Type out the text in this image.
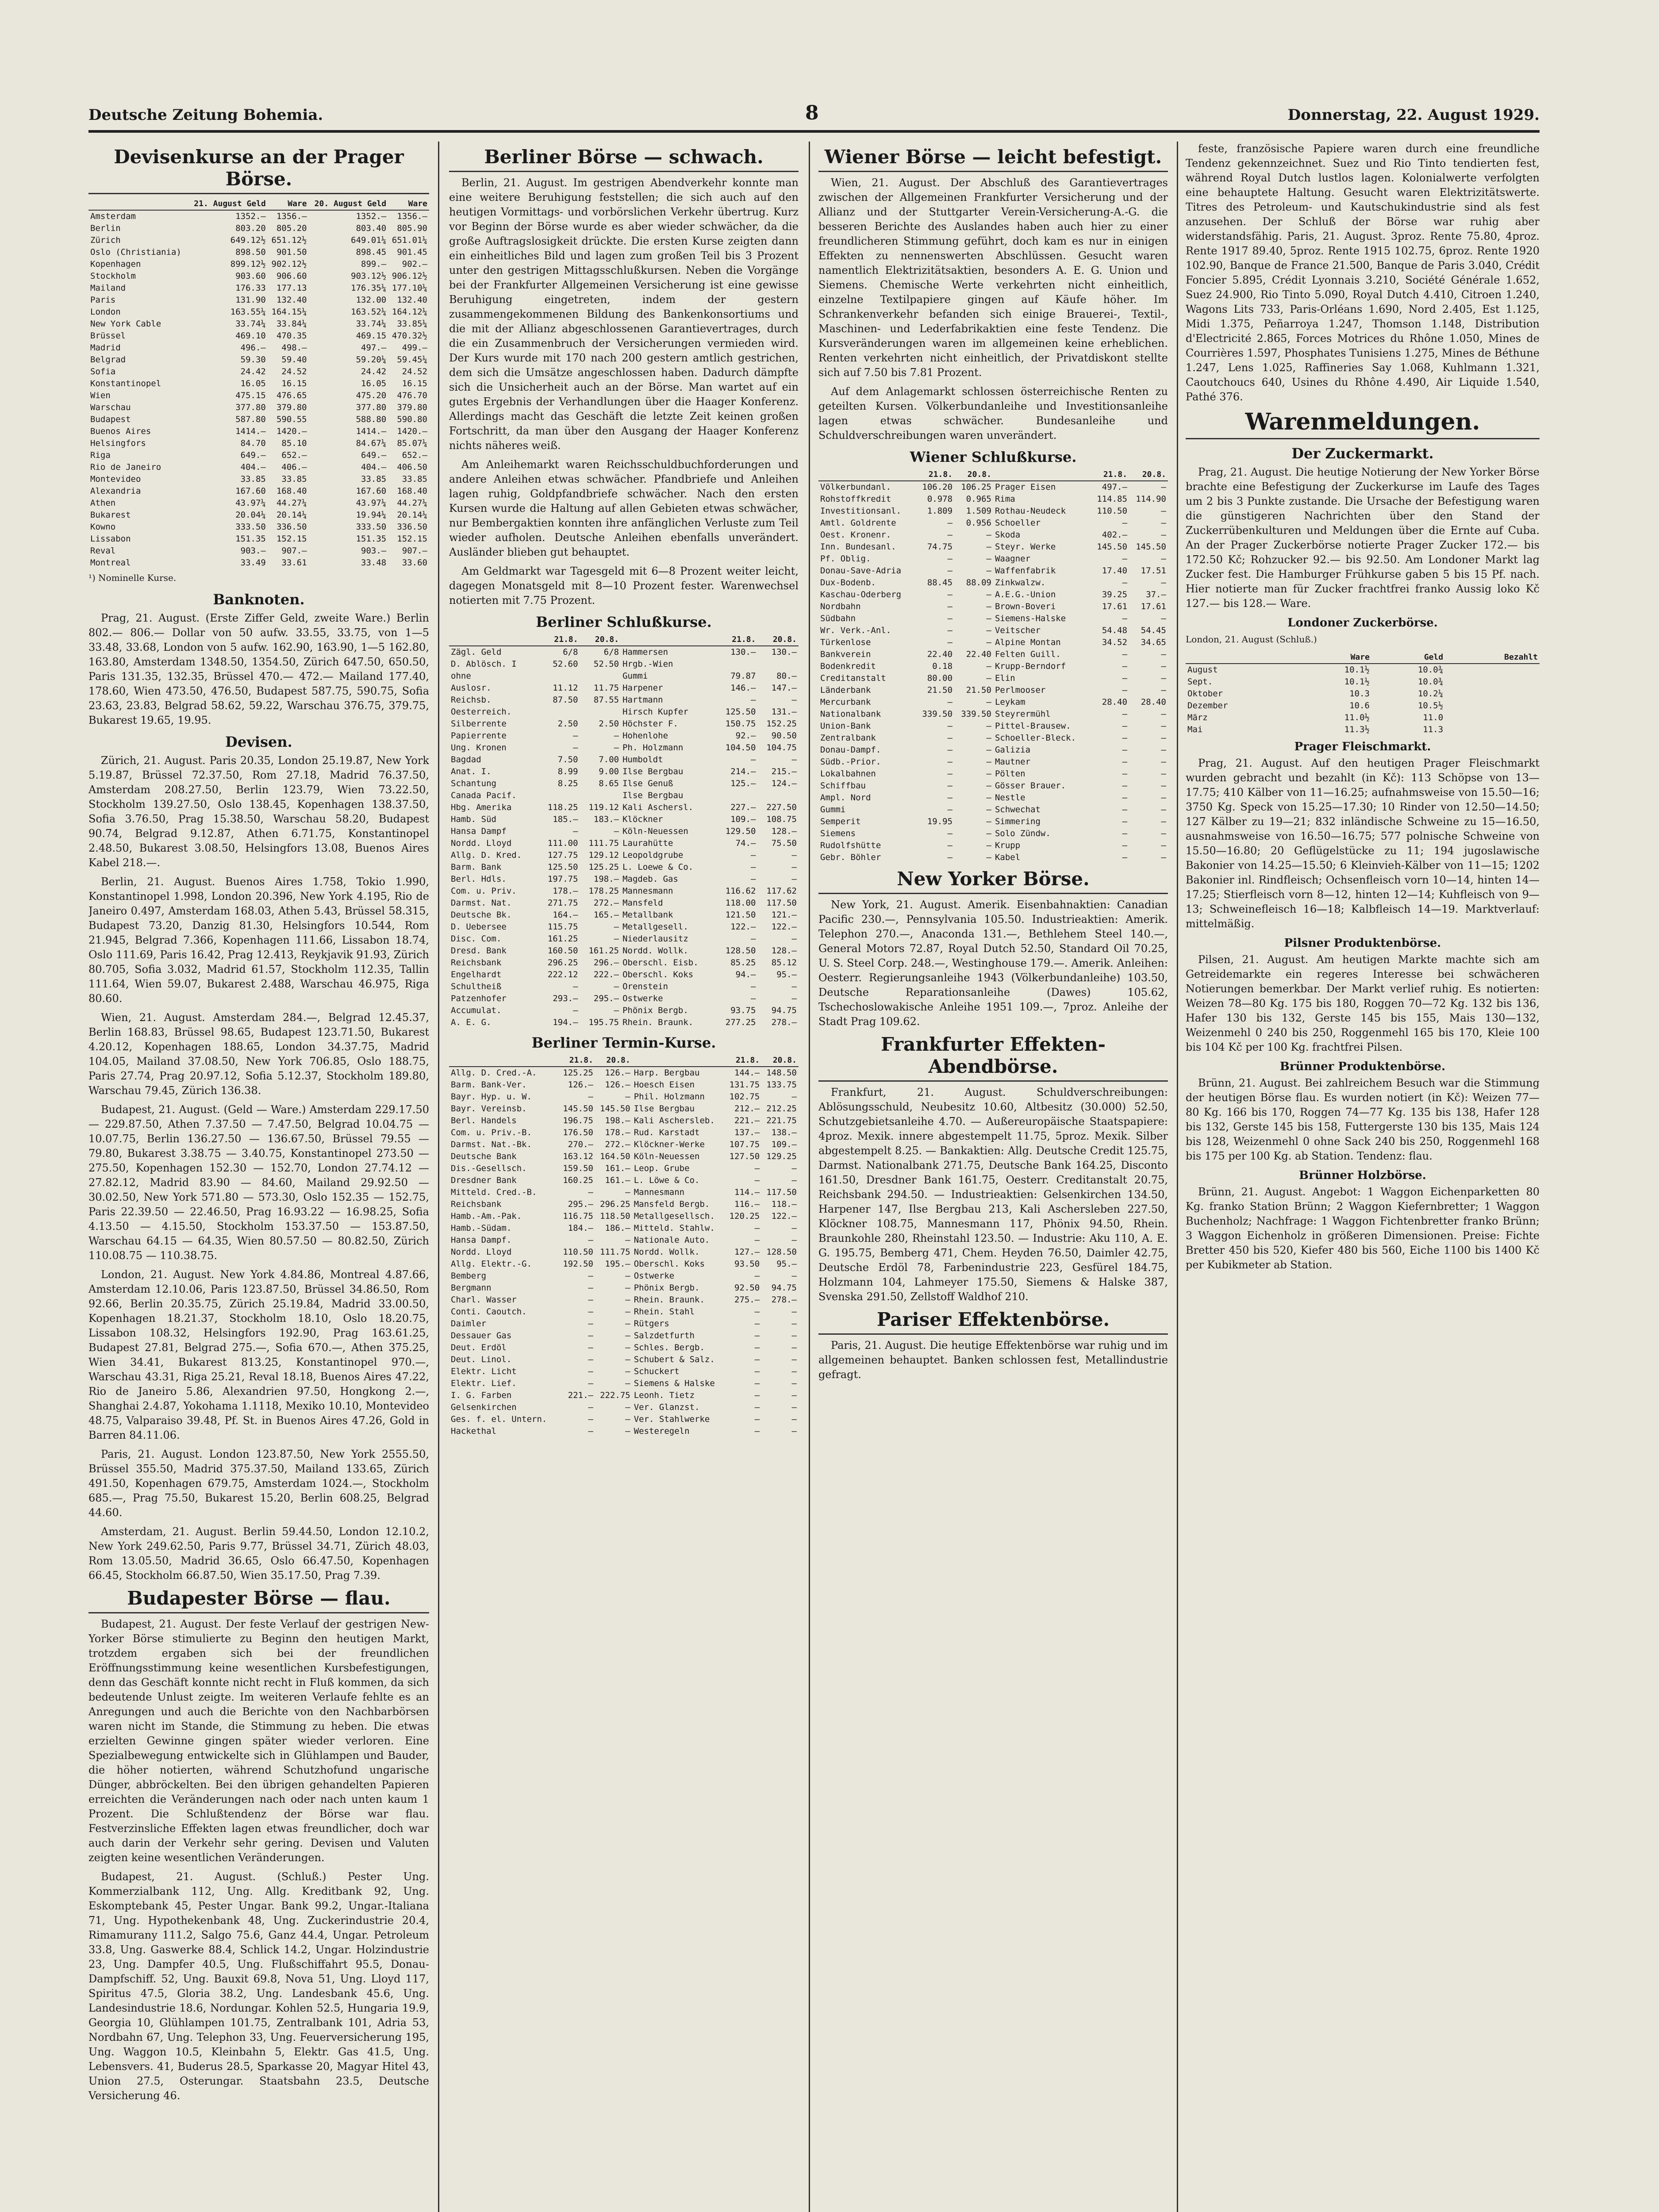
Deutsche Zeitung Bohemia.	8	Donnerstag, 22. August 1929.
Devisenkurse an der Prager Börse.
	21. August Geld	Ware	20. August Geld	Ware
Amsterdam	1352.—	1356.—	1352.—	1356.—
Berlin	803.20	805.20	803.40	805.90
Zürich	649.12½	651.12½	649.01¼	651.01¼
Oslo (Christiania)	898.50	901.50	898.45	901.45
Kopenhagen	899.12½	902.12½	899.—	902.—
Stockholm	903.60	906.60	903.12½	906.12½
Mailand	176.33	177.13	176.35¼	177.10¼
Paris	131.90	132.40	132.00	132.40
London	163.55¼	164.15¼	163.52¼	164.12¼
New York Cable	33.74¼	33.84¼	33.74¼	33.85¼
Brüssel	469.10	470.35	469.15	470.32½
Madrid	496.—	498.—	497.—	499.—
Belgrad	59.30	59.40	59.20¼	59.45¼
Sofia	24.42	24.52	24.42	24.52
Konstantinopel	16.05	16.15	16.05	16.15
Wien	475.15	476.65	475.20	476.70
Warschau	377.80	379.80	377.80	379.80
Budapest	587.80	590.55	588.80	590.80
Buenos Aires	1414.—	1420.—	1414.—	1420.—
Helsingfors	84.70	85.10	84.67¼	85.07¼
Riga	649.—	652.—	649.—	652.—
Rio de Janeiro	404.—	406.—	404.—	406.50
Montevideo	33.85	33.85	33.85	33.85
Alexandria	167.60	168.40	167.60	168.40
Athen	43.97¼	44.27¼	43.97¼	44.27¼
Bukarest	20.04¼	20.14¼	19.94¼	20.14¼
Kowno	333.50	336.50	333.50	336.50
Lissabon	151.35	152.15	151.35	152.15
Reval	903.—	907.—	903.—	907.—
Montreal	33.49	33.61	33.48	33.60
¹) Nominelle Kurse.
Banknoten.

Prag, 21. August. (Erste Ziffer Geld, zweite Ware.) Berlin 802.— 806.— Dollar von 50 aufw. 33.55, 33.75, von 1—5 33.48, 33.68, London von 5 aufw. 162.90, 163.90, 1—5 162.80, 163.80, Amsterdam 1348.50, 1354.50, Zürich 647.50, 650.50, Paris 131.35, 132.35, Brüssel 470.— 472.— Mailand 177.40, 178.60, Wien 473.50, 476.50, Budapest 587.75, 590.75, Sofia 23.63, 23.83, Belgrad 58.62, 59.22, Warschau 376.75, 379.75, Bukarest 19.65, 19.95.

Devisen.

Zürich, 21. August. Paris 20.35, London 25.19.87, New York 5.19.87, Brüssel 72.37.50, Rom 27.18, Madrid 76.37.50, Amsterdam 208.27.50, Berlin 123.79, Wien 73.22.50, Stockholm 139.27.50, Oslo 138.45, Kopenhagen 138.37.50, Sofia 3.76.50, Prag 15.38.50, Warschau 58.20, Budapest 90.74, Belgrad 9.12.87, Athen 6.71.75, Konstantinopel 2.48.50, Bukarest 3.08.50, Helsingfors 13.08, Buenos Aires Kabel 218.—.

Berlin, 21. August. Buenos Aires 1.758, Tokio 1.990, Konstantinopel 1.998, London 20.396, New York 4.195, Rio de Janeiro 0.497, Amsterdam 168.03, Athen 5.43, Brüssel 58.315, Budapest 73.20, Danzig 81.30, Helsingfors 10.544, Rom 21.945, Belgrad 7.366, Kopenhagen 111.66, Lissabon 18.74, Oslo 111.69, Paris 16.42, Prag 12.413, Reykjavik 91.93, Zürich 80.705, Sofia 3.032, Madrid 61.57, Stockholm 112.35, Tallin 111.64, Wien 59.07, Bukarest 2.488, Warschau 46.975, Riga 80.60.

Wien, 21. August. Amsterdam 284.—, Belgrad 12.45.37, Berlin 168.83, Brüssel 98.65, Budapest 123.71.50, Bukarest 4.20.12, Kopenhagen 188.65, London 34.37.75, Madrid 104.05, Mailand 37.08.50, New York 706.85, Oslo 188.75, Paris 27.74, Prag 20.97.12, Sofia 5.12.37, Stockholm 189.80, Warschau 79.45, Zürich 136.38.

Budapest, 21. August. (Geld — Ware.) Amsterdam 229.17.50 — 229.87.50, Athen 7.37.50 — 7.47.50, Belgrad 10.04.75 — 10.07.75, Berlin 136.27.50 — 136.67.50, Brüssel 79.55 — 79.80, Bukarest 3.38.75 — 3.40.75, Konstantinopel 273.50 — 275.50, Kopenhagen 152.30 — 152.70, London 27.74.12 — 27.82.12, Madrid 83.90 — 84.60, Mailand 29.92.50 — 30.02.50, New York 571.80 — 573.30, Oslo 152.35 — 152.75, Paris 22.39.50 — 22.46.50, Prag 16.93.22 — 16.98.25, Sofia 4.13.50 — 4.15.50, Stockholm 153.37.50 — 153.87.50, Warschau 64.15 — 64.35, Wien 80.57.50 — 80.82.50, Zürich 110.08.75 — 110.38.75.

London, 21. August. New York 4.84.86, Montreal 4.87.66, Amsterdam 12.10.06, Paris 123.87.50, Brüssel 34.86.50, Rom 92.66, Berlin 20.35.75, Zürich 25.19.84, Madrid 33.00.50, Kopenhagen 18.21.37, Stockholm 18.10, Oslo 18.20.75, Lissabon 108.32, Helsingfors 192.90, Prag 163.61.25, Budapest 27.81, Belgrad 275.—, Sofia 670.—, Athen 375.25, Wien 34.41, Bukarest 813.25, Konstantinopel 970.—, Warschau 43.31, Riga 25.21, Reval 18.18, Buenos Aires 47.22, Rio de Janeiro 5.86, Alexandrien 97.50, Hongkong 2.—, Shanghai 2.4.87, Yokohama 1.1118, Mexiko 10.10, Montevideo 48.75, Valparaiso 39.48, Pf. St. in Buenos Aires 47.26, Gold in Barren 84.11.06.

Paris, 21. August. London 123.87.50, New York 2555.50, Brüssel 355.50, Madrid 375.37.50, Mailand 133.65, Zürich 491.50, Kopenhagen 679.75, Amsterdam 1024.—, Stockholm 685.—, Prag 75.50, Bukarest 15.20, Berlin 608.25, Belgrad 44.60.

Amsterdam, 21. August. Berlin 59.44.50, London 12.10.2, New York 249.62.50, Paris 9.77, Brüssel 34.71, Zürich 48.03, Rom 13.05.50, Madrid 36.65, Oslo 66.47.50, Kopenhagen 66.45, Stockholm 66.87.50, Wien 35.17.50, Prag 7.39.

Budapester Börse — flau.

Budapest, 21. August. Der feste Verlauf der gestrigen New-Yorker Börse stimulierte zu Beginn den heutigen Markt, trotzdem ergaben sich bei der freundlichen Eröffnungsstimmung keine wesentlichen Kursbefestigungen, denn das Geschäft konnte nicht recht in Fluß kommen, da sich bedeutende Unlust zeigte. Im weiteren Verlaufe fehlte es an Anregungen und auch die Berichte von den Nachbarbörsen waren nicht im Stande, die Stimmung zu heben. Die etwas erzielten Gewinne gingen später wieder verloren. Eine Spezialbewegung entwickelte sich in Glühlampen und Bauder, die höher notierten, während Schutzhofund ungarische Dünger, abbröckelten. Bei den übrigen gehandelten Papieren erreichten die Veränderungen nach oder nach unten kaum 1 Prozent. Die Schlußtendenz der Börse war flau. Festverzinsliche Effekten lagen etwas freundlicher, doch war auch darin der Verkehr sehr gering. Devisen und Valuten zeigten keine wesentlichen Veränderungen.

Budapest, 21. August. (Schluß.) Pester Ung. Kommerzialbank 112, Ung. Allg. Kreditbank 92, Ung. Eskomptebank 45, Pester Ungar. Bank 99.2, Ungar.-Italiana 71, Ung. Hypothekenbank 48, Ung. Zuckerindustrie 20.4, Rimamurany 111.2, Salgo 75.6, Ganz 44.4, Ungar. Petroleum 33.8, Ung. Gaswerke 88.4, Schlick 14.2, Ungar. Holzindustrie 23, Ung. Dampfer 40.5, Ung. Flußschiffahrt 95.5, Donau-Dampfschiff. 52, Ung. Bauxit 69.8, Nova 51, Ung. Lloyd 117, Spiritus 47.5, Gloria 38.2, Ung. Landesbank 45.6, Ung. Landesindustrie 18.6, Nordungar. Kohlen 52.5, Hungaria 19.9, Georgia 10, Glühlampen 101.75, Zentralbank 101, Adria 53, Nordbahn 67, Ung. Telephon 33, Ung. Feuerversicherung 195, Ung. Waggon 10.5, Kleinbahn 5, Elektr. Gas 41.5, Ung. Lebensvers. 41, Buderus 28.5, Sparkasse 20, Magyar Hitel 43, Union 27.5, Osterungar. Staatsbahn 23.5, Deutsche Versicherung 46.

Berliner Börse — schwach.

Berlin, 21. August. Im gestrigen Abendverkehr konnte man eine weitere Beruhigung feststellen; die sich auch auf den heutigen Vormittags- und vorbörslichen Verkehr übertrug. Kurz vor Beginn der Börse wurde es aber wieder schwächer, da die große Auftragslosigkeit drückte. Die ersten Kurse zeigten dann ein einheitliches Bild und lagen zum großen Teil bis 3 Prozent unter den gestrigen Mittagsschlußkursen. Neben die Vorgänge bei der Frankfurter Allgemeinen Versicherung ist eine gewisse Beruhigung eingetreten, indem der gestern zusammengekommenen Bildung des Bankenkonsortiums und die mit der Allianz abgeschlossenen Garantievertrages, durch die ein Zusammenbruch der Versicherungen vermieden wird. Der Kurs wurde mit 170 nach 200 gestern amtlich gestrichen, dem sich die Umsätze angeschlossen haben. Dadurch dämpfte sich die Unsicherheit auch an der Börse. Man wartet auf ein gutes Ergebnis der Verhandlungen über die Haager Konferenz. Allerdings macht das Geschäft die letzte Zeit keinen großen Fortschritt, da man über den Ausgang der Haager Konferenz nichts näheres weiß.

Am Anleihemarkt waren Reichsschuldbuchforderungen und andere Anleihen etwas schwächer. Pfandbriefe und Anleihen lagen ruhig, Goldpfandbriefe schwächer. Nach den ersten Kursen wurde die Haltung auf allen Gebieten etwas schwächer, nur Bembergaktien konnten ihre anfänglichen Verluste zum Teil wieder aufholen. Deutsche Anleihen ebenfalls unverändert. Ausländer blieben gut behauptet.

Am Geldmarkt war Tagesgeld mit 6—8 Prozent weiter leicht, dagegen Monatsgeld mit 8—10 Prozent fester. Warenwechsel notierten mit 7.75 Prozent.

Berliner Schlußkurse.
	21.8.	20.8.		21.8.	20.8.
Zägl. Geld	6/8	6/8	Hammersen	130.—	130.—
D. Ablösch. I	52.60	52.50	Hrgb.-Wien		
ohne			Gummi	79.87	80.—
Auslosr.	11.12	11.75	Harpener	146.—	147.—
Reichsb.	87.50	87.55	Hartmann	—	—
Oesterreich.			Hirsch Kupfer	125.50	131.—
Silberrente	2.50	2.50	Höchster F.	150.75	152.25
Papierrente	—	—	Hohenlohe	92.—	90.50
Ung. Kronen	—	—	Ph. Holzmann	104.50	104.75
Bagdad	7.50	7.00	Humboldt	—	—
Anat. I.	8.99	9.00	Ilse Bergbau	214.—	215.—
Schantung	8.25	8.65	Ilse Genuß	125.—	124.—
Canada Pacif.			Ilse Bergbau		
Hbg. Amerika	118.25	119.12	Kali Aschersl.	227.—	227.50
Hamb. Süd	185.—	183.—	Klöckner	109.—	108.75
Hansa Dampf	—	—	Köln-Neuessen	129.50	128.—
Nordd. Lloyd	111.00	111.75	Laurahütte	74.—	75.50
Allg. D. Kred.	127.75	129.12	Leopoldgrube	—	—
Barm. Bank	125.50	125.25	L. Loewe & Co.	—	—
Berl. Hdls.	197.75	198.—	Magdeb. Gas	—	—
Com. u. Priv.	178.—	178.25	Mannesmann	116.62	117.62
Darmst. Nat.	271.75	272.—	Mansfeld	118.00	117.50
Deutsche Bk.	164.—	165.—	Metallbank	121.50	121.—
D. Uebersee	115.75	—	Metallgesell.	122.—	122.—
Disc. Com.	161.25	—	Niederlausitz	—	—
Dresd. Bank	160.50	161.25	Nordd. Wollk.	128.50	128.—
Reichsbank	296.25	296.—	Oberschl. Eisb.	85.25	85.12
Engelhardt	222.12	222.—	Oberschl. Koks	94.—	95.—
Schultheiß	—	—	Orenstein	—	—
Patzenhofer	293.—	295.—	Ostwerke	—	—
Accumulat.	—	—	Phönix Bergb.	93.75	94.75
A. E. G.	194.—	195.75	Rhein. Braunk.	277.25	278.—
Berliner Termin-Kurse.
	21.8.	20.8.		21.8.	20.8.
Allg. D. Cred.-A.	125.25	126.—	Harp. Bergbau	144.—	148.50
Barm. Bank-Ver.	126.—	126.—	Hoesch Eisen	131.75	133.75
Bayr. Hyp. u. W.	—	—	Phil. Holzmann	102.75	—
Bayr. Vereinsb.	145.50	145.50	Ilse Bergbau	212.—	212.25
Berl. Handels	196.75	198.—	Kali Aschersleb.	221.—	221.75
Com. u. Priv.-B.	176.50	178.—	Rud. Karstadt	137.—	138.—
Darmst. Nat.-Bk.	270.—	272.—	Klöckner-Werke	107.75	109.—
Deutsche Bank	163.12	164.50	Köln-Neuessen	127.50	129.25
Dis.-Gesellsch.	159.50	161.—	Leop. Grube	—	—
Dresdner Bank	160.25	161.—	L. Löwe & Co.	—	—
Mitteld. Cred.-B.	—	—	Mannesmann	114.—	117.50
Reichsbank	295.—	296.25	Mansfeld Bergb.	116.—	118.—
Hamb.-Am.-Pak.	116.75	118.50	Metallgesellsch.	120.25	122.—
Hamb.-Südam.	184.—	186.—	Mitteld. Stahlw.	—	—
Hansa Dampf.	—	—	Nationale Auto.	—	—
Nordd. Lloyd	110.50	111.75	Nordd. Wollk.	127.—	128.50
Allg. Elektr.-G.	192.50	195.—	Oberschl. Koks	93.50	95.—
Bemberg	—	—	Ostwerke	—	—
Bergmann	—	—	Phönix Bergb.	92.50	94.75
Charl. Wasser	—	—	Rhein. Braunk.	275.—	278.—
Conti. Caoutch.	—	—	Rhein. Stahl	—	—
Daimler	—	—	Rütgers	—	—
Dessauer Gas	—	—	Salzdetfurth	—	—
Deut. Erdöl	—	—	Schles. Bergb.	—	—
Deut. Linol.	—	—	Schubert & Salz.	—	—
Elektr. Licht	—	—	Schuckert	—	—
Elektr. Lief.	—	—	Siemens & Halske	—	—
I. G. Farben	221.—	222.75	Leonh. Tietz	—	—
Gelsenkirchen	—	—	Ver. Glanzst.	—	—
Ges. f. el. Untern.	—	—	Ver. Stahlwerke	—	—
Hackethal	—	—	Westeregeln	—	—
Wiener Börse — leicht befestigt.

Wien, 21. August. Der Abschluß des Garantievertrages zwischen der Allgemeinen Frankfurter Versicherung und der Allianz und der Stuttgarter Verein-Versicherung-A.-G. die besseren Berichte des Auslandes haben auch hier zu einer freundlicheren Stimmung geführt, doch kam es nur in einigen Effekten zu nennenswerten Abschlüssen. Gesucht waren namentlich Elektrizitätsaktien, besonders A. E. G. Union und Siemens. Chemische Werte verkehrten nicht einheitlich, einzelne Textilpapiere gingen auf Käufe höher. Im Schrankenverkehr befanden sich einige Brauerei-, Textil-, Maschinen- und Lederfabrikaktien eine feste Tendenz. Die Kursveränderungen waren im allgemeinen keine erheblichen. Renten verkehrten nicht einheitlich, der Privatdiskont stellte sich auf 7.50 bis 7.81 Prozent.

Auf dem Anlagemarkt schlossen österreichische Renten zu geteilten Kursen. Völkerbundanleihe und Investitionsanleihe lagen etwas schwächer. Bundesanleihe und Schuldverschreibungen waren unverändert.

Wiener Schlußkurse.
	21.8.	20.8.		21.8.	20.8.
Völkerbundanl.	106.20	106.25	Prager Eisen	497.—	—
Rohstoffkredit	0.978	0.965	Rima	114.85	114.90
Investitionsanl.	1.809	1.509	Rothau-Neudeck	110.50	—
Amtl. Goldrente	—	0.956	Schoeller	—	—
Oest. Kronenr.	—	—	Skoda	402.—	—
Inn. Bundesanl.	74.75	—	Steyr. Werke	145.50	145.50
Pf. Oblig.	—	—	Waagner	—	—
Donau-Save-Adria	—	—	Waffenfabrik	17.40	17.51
Dux-Bodenb.	88.45	88.09	Zinkwalzw.	—	—
Kaschau-Oderberg	—	—	A.E.G.-Union	39.25	37.—
Nordbahn	—	—	Brown-Boveri	17.61	17.61
Südbahn	—	—	Siemens-Halske	—	—
Wr. Verk.-Anl.	—	—	Veitscher	54.48	54.45
Türkenlose	—	—	Alpine Montan	34.52	34.65
Bankverein	22.40	22.40	Felten Guill.	—	—
Bodenkredit	0.18	—	Krupp-Berndorf	—	—
Creditanstalt	80.00	—	Elin	—	—
Länderbank	21.50	21.50	Perlmooser	—	—
Mercurbank	—	—	Leykam	28.40	28.40
Nationalbank	339.50	339.50	Steyrermühl	—	—
Union-Bank	—	—	Pittel-Brausew.	—	—
Zentralbank	—	—	Schoeller-Bleck.	—	—
Donau-Dampf.	—	—	Galizia	—	—
Südb.-Prior.	—	—	Mautner	—	—
Lokalbahnen	—	—	Pölten	—	—
Schiffbau	—	—	Gösser Brauer.	—	—
Ampl. Nord	—	—	Nestle	—	—
Gummi	—	—	Schwechat	—	—
Semperit	19.95	—	Simmering	—	—
Siemens	—	—	Solo Zündw.	—	—
Rudolfshütte	—	—	Krupp	—	—
Gebr. Böhler	—	—	Kabel	—	—
New Yorker Börse.

New York, 21. August. Amerik. Eisenbahnaktien: Canadian Pacific 230.—, Pennsylvania 105.50. Industrieaktien: Amerik. Telephon 270.—, Anaconda 131.—, Bethlehem Steel 140.—, General Motors 72.87, Royal Dutch 52.50, Standard Oil 70.25, U. S. Steel Corp. 248.—, Westinghouse 179.—. Amerik. Anleihen: Oesterr. Regierungsanleihe 1943 (Völkerbundanleihe) 103.50, Deutsche Reparationsanleihe (Dawes) 105.62, Tschechoslowakische Anleihe 1951 109.—, 7proz. Anleihe der Stadt Prag 109.62.

Frankfurter Effekten-Abendbörse.

Frankfurt, 21. August. Schuldverschreibungen: Ablösungsschuld, Neubesitz 10.60, Altbesitz (30.000) 52.50, Schutzgebietsanleihe 4.70. — Außereuropäische Staatspapiere: 4proz. Mexik. innere abgestempelt 11.75, 5proz. Mexik. Silber abgestempelt 8.25. — Bankaktien: Allg. Deutsche Credit 125.75, Darmst. Nationalbank 271.75, Deutsche Bank 164.25, Disconto 161.50, Dresdner Bank 161.75, Oesterr. Creditanstalt 20.75, Reichsbank 294.50. — Industrieaktien: Gelsenkirchen 134.50, Harpener 147, Ilse Bergbau 213, Kali Aschersleben 227.50, Klöckner 108.75, Mannesmann 117, Phönix 94.50, Rhein. Braunkohle 280, Rheinstahl 123.50. — Industrie: Aku 110, A. E. G. 195.75, Bemberg 471, Chem. Heyden 76.50, Daimler 42.75, Deutsche Erdöl 78, Farbenindustrie 223, Gesfürel 184.75, Holzmann 104, Lahmeyer 175.50, Siemens & Halske 387, Svenska 291.50, Zellstoff Waldhof 210.

Pariser Effektenbörse.

Paris, 21. August. Die heutige Effektenbörse war ruhig und im allgemeinen behauptet. Banken schlossen fest, Metallindustrie gefragt.

feste, französische Papiere waren durch eine freundliche Tendenz gekennzeichnet. Suez und Rio Tinto tendierten fest, während Royal Dutch lustlos lagen. Kolonialwerte verfolgten eine behauptete Haltung. Gesucht waren Elektrizitätswerte. Titres des Petroleum- und Kautschukindustrie sind als fest anzusehen. Der Schluß der Börse war ruhig aber widerstandsfähig. Paris, 21. August. 3proz. Rente 75.80, 4proz. Rente 1917 89.40, 5proz. Rente 1915 102.75, 6proz. Rente 1920 102.90, Banque de France 21.500, Banque de Paris 3.040, Crédit Foncier 5.895, Crédit Lyonnais 3.210, Société Générale 1.652, Suez 24.900, Rio Tinto 5.090, Royal Dutch 4.410, Citroen 1.240, Wagons Lits 733, Paris-Orléans 1.690, Nord 2.405, Est 1.125, Midi 1.375, Peñarroya 1.247, Thomson 1.148, Distribution d'Electricité 2.865, Forces Motrices du Rhône 1.050, Mines de Courrières 1.597, Phosphates Tunisiens 1.275, Mines de Béthune 1.247, Lens 1.025, Raffineries Say 1.068, Kuhlmann 1.321, Caoutchoucs 640, Usines du Rhône 4.490, Air Liquide 1.540, Pathé 376.

Warenmeldungen.
Der Zuckermarkt.

Prag, 21. August. Die heutige Notierung der New Yorker Börse brachte eine Befestigung der Zuckerkurse im Laufe des Tages um 2 bis 3 Punkte zustande. Die Ursache der Befestigung waren die günstigeren Nachrichten über den Stand der Zuckerrübenkulturen und Meldungen über die Ernte auf Cuba. An der Prager Zuckerbörse notierte Prager Zucker 172.— bis 172.50 Kč; Rohzucker 92.— bis 92.50. Am Londoner Markt lag Zucker fest. Die Hamburger Frühkurse gaben 5 bis 15 Pf. nach. Hier notierte man für Zucker frachtfrei franko Aussig loko Kč 127.— bis 128.— Ware.

Londoner Zuckerbörse.
London, 21. August (Schluß.)
	Ware	Geld	Bezahlt
August	10.1½	10.0¾	
Sept.	10.1½	10.0¾	
Oktober	10.3	10.2¼	
Dezember	10.6	10.5½	
März	11.0½	11.0	
Mai	11.3½	11.3	
Prager Fleischmarkt.

Prag, 21. August. Auf den heutigen Prager Fleischmarkt wurden gebracht und bezahlt (in Kč): 113 Schöpse von 13—17.75; 410 Kälber von 11—16.25; aufnahmsweise von 15.50—16; 3750 Kg. Speck von 15.25—17.30; 10 Rinder von 12.50—14.50; 127 Kälber zu 19—21; 832 inländische Schweine zu 15—16.50, ausnahmsweise von 16.50—16.75; 577 polnische Schweine von 15.50—16.80; 20 Geflügelstücke zu 11; 194 jugoslawische Bakonier von 14.25—15.50; 6 Kleinvieh-Kälber von 11—15; 1202 Bakonier inl. Rindfleisch; Ochsenfleisch vorn 10—14, hinten 14—17.25; Stierfleisch vorn 8—12, hinten 12—14; Kuhfleisch von 9—13; Schweinefleisch 16—18; Kalbfleisch 14—19. Marktverlauf: mittelmäßig.

Pilsner Produktenbörse.

Pilsen, 21. August. Am heutigen Markte machte sich am Getreidemarkte ein regeres Interesse bei schwächeren Notierungen bemerkbar. Der Markt verlief ruhig. Es notierten: Weizen 78—80 Kg. 175 bis 180, Roggen 70—72 Kg. 132 bis 136, Hafer 130 bis 132, Gerste 145 bis 155, Mais 130—132, Weizenmehl 0 240 bis 250, Roggenmehl 165 bis 170, Kleie 100 bis 104 Kč per 100 Kg. frachtfrei Pilsen.

Brünner Produktenbörse.

Brünn, 21. August. Bei zahlreichem Besuch war die Stimmung der heutigen Börse flau. Es wurden notiert (in Kč): Weizen 77—80 Kg. 166 bis 170, Roggen 74—77 Kg. 135 bis 138, Hafer 128 bis 132, Gerste 145 bis 158, Futtergerste 130 bis 135, Mais 124 bis 128, Weizenmehl 0 ohne Sack 240 bis 250, Roggenmehl 168 bis 175 per 100 Kg. ab Station. Tendenz: flau.

Brünner Holzbörse.

Brünn, 21. August. Angebot: 1 Waggon Eichenparketten 80 Kg. franko Station Brünn; 2 Waggon Kiefernbretter; 1 Waggon Buchenholz; Nachfrage: 1 Waggon Fichtenbretter franko Brünn; 3 Waggon Eichenholz in größeren Dimensionen. Preise: Fichte Bretter 450 bis 520, Kiefer 480 bis 560, Eiche 1100 bis 1400 Kč per Kubikmeter ab Station.
